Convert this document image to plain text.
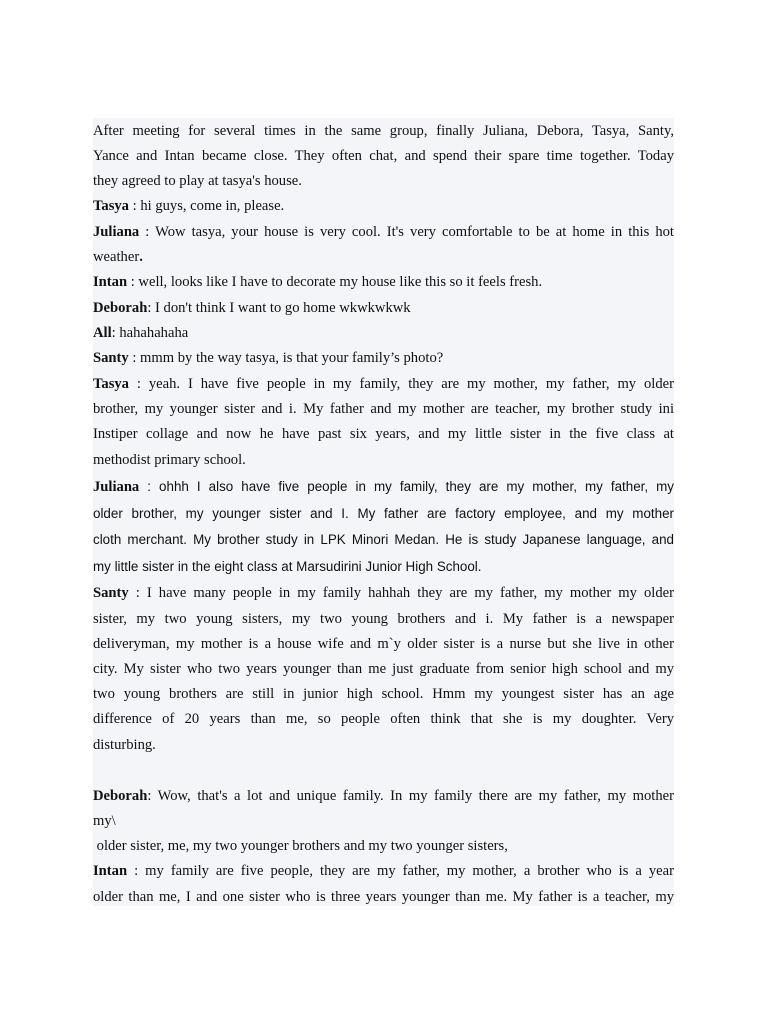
After meeting for several times in the same group, finally Juliana, Debora, Tasya, Santy,
Yance and Intan became close. They often chat, and spend their spare time together. Today
they agreed to play at tasya's house.
Tasya : hi guys, come in, please.
Juliana : Wow tasya, your house is very cool. It's very comfortable to be at home in this hot
weather.
Intan : well, looks like I have to decorate my house like this so it feels fresh.
Deborah: I don't think I want to go home wkwkwkwk
All: hahahahaha
Santy : mmm by the way tasya, is that your family’s photo?
Tasya : yeah. I have five people in my family, they are my mother, my father, my older
brother, my younger sister and i. My father and my mother are teacher, my brother study ini
Instiper collage and now he have past six years, and my little sister in the five class at
methodist primary school.
Juliana : ohhh I also have five people in my family, they are my mother, my father, my
older brother, my younger sister and I. My father are factory employee, and my mother
cloth merchant. My brother study in LPK Minori Medan. He is study Japanese language, and
my little sister in the eight class at Marsudirini Junior High School.
Santy : I have many people in my family hahhah they are my father, my mother my older
sister, my two young sisters, my two young brothers and i. My father is a newspaper
deliveryman, my mother is a house wife and m`y older sister is a nurse but she live in other
city. My sister who two years younger than me just graduate from senior high school and my
two young brothers are still in junior high school. Hmm my youngest sister has an age
difference of 20 years than me, so people often think that she is my doughter. Very
disturbing.
Deborah: Wow, that's a lot and unique family. In my family there are my father, my mother
my\
older sister, me, my two younger brothers and my two younger sisters,
Intan : my family are five people, they are my father, my mother, a brother who is a year
older than me, I and one sister who is three years younger than me. My father is a teacher, my
